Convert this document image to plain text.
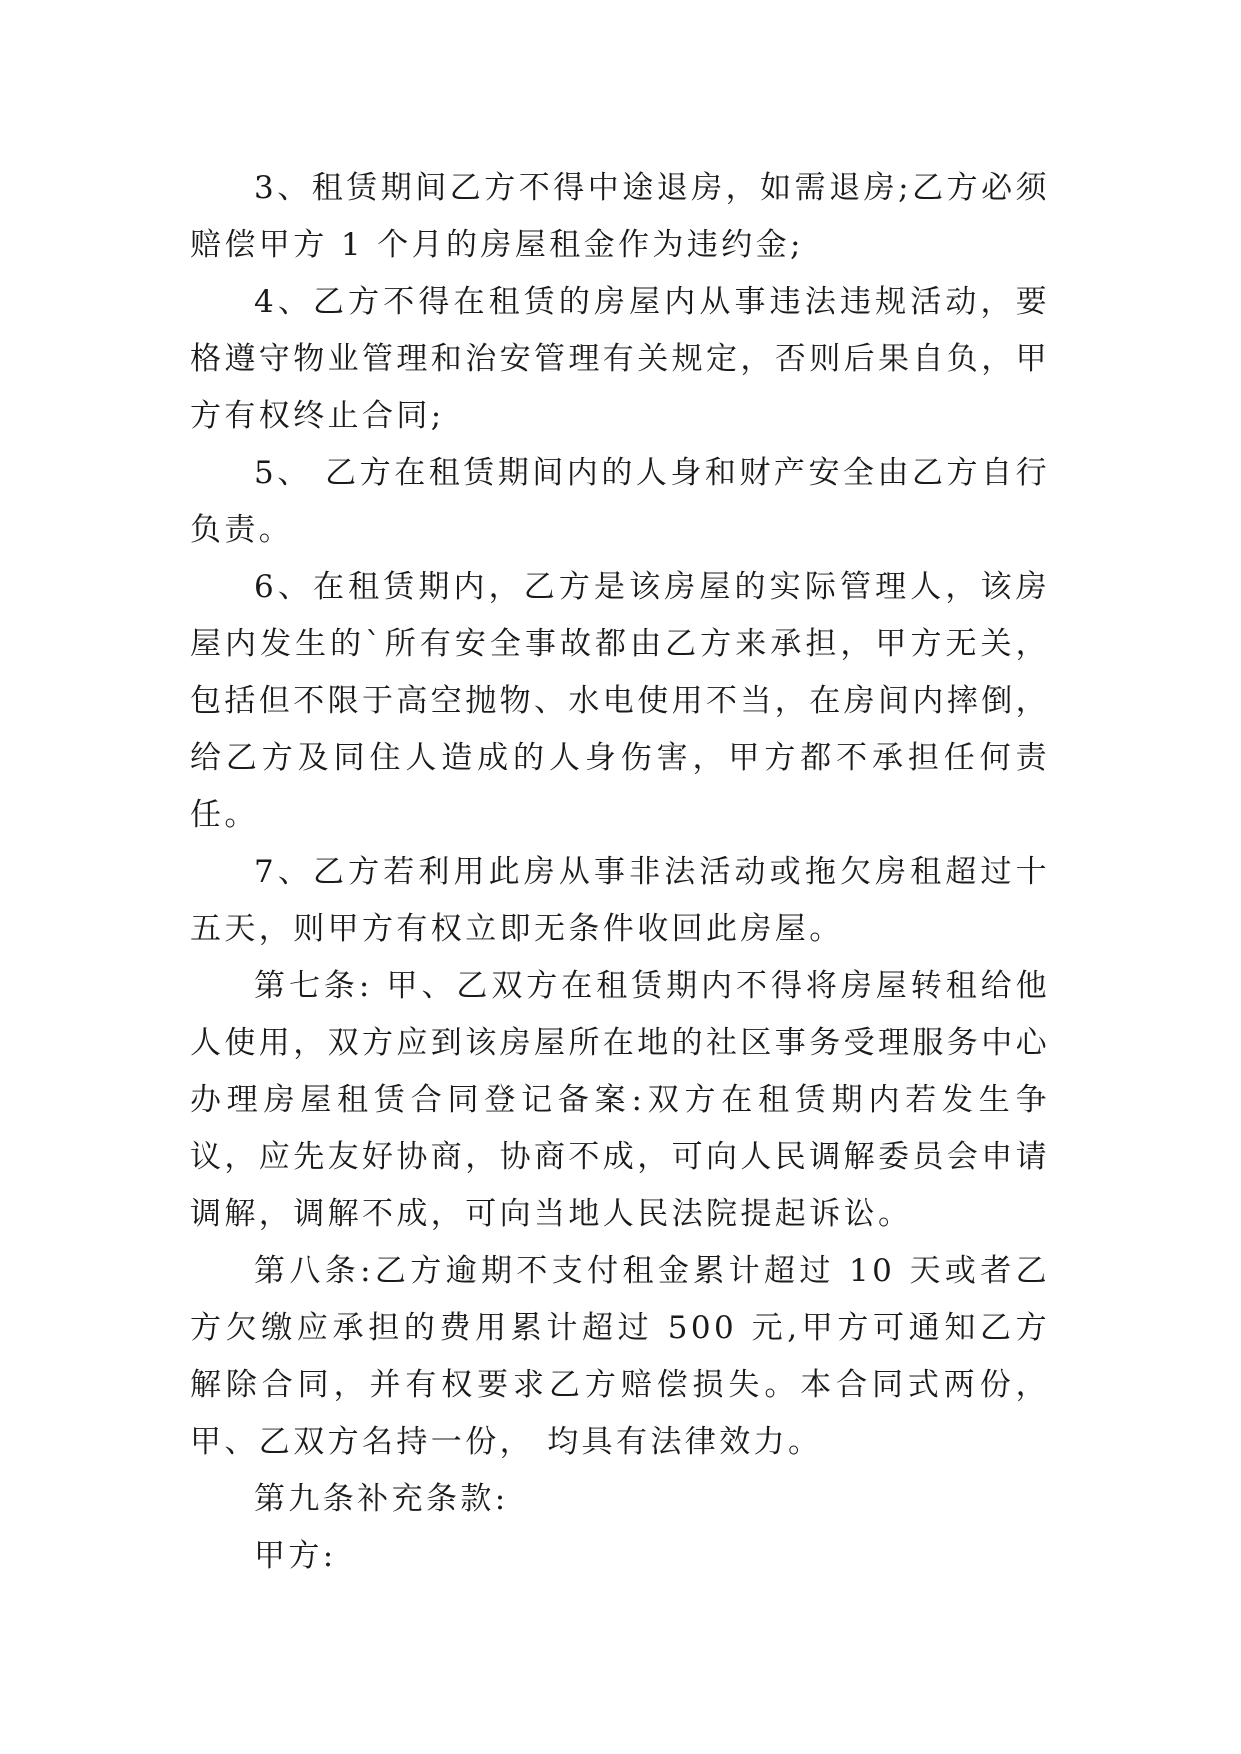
3、租赁期间乙方不得中途退房，如需退房;乙方必须赔偿甲方 1 个月的房屋租金作为违约金;

4、乙方不得在租赁的房屋内从事违法违规活动，要格遵守物业管理和治安管理有关规定，否则后果自负，甲方有权终止合同;

5、 乙方在租赁期间内的人身和财产安全由乙方自行负责。

6、在租赁期内，乙方是该房屋的实际管理人，该房屋内发生的`所有安全事故都由乙方来承担，甲方无关，包括但不限于高空抛物、水电使用不当，在房间内摔倒，给乙方及同住人造成的人身伤害，甲方都不承担任何责任。

7、乙方若利用此房从事非法活动或拖欠房租超过十五天，则甲方有权立即无条件收回此房屋。

第七条: 甲、乙双方在租赁期内不得将房屋转租给他人使用，双方应到该房屋所在地的社区事务受理服务中心办理房屋租赁合同登记备案:双方在租赁期内若发生争议，应先友好协商，协商不成，可向人民调解委员会申请调解，调解不成，可向当地人民法院提起诉讼。

第八条:乙方逾期不支付租金累计超过 10 天或者乙方欠缴应承担的费用累计超过 500 元,甲方可通知乙方解除合同，并有权要求乙方赔偿损失。本合同式两份，甲、乙双方名持一份， 均具有法律效力。

第九条补充条款:

甲方:
